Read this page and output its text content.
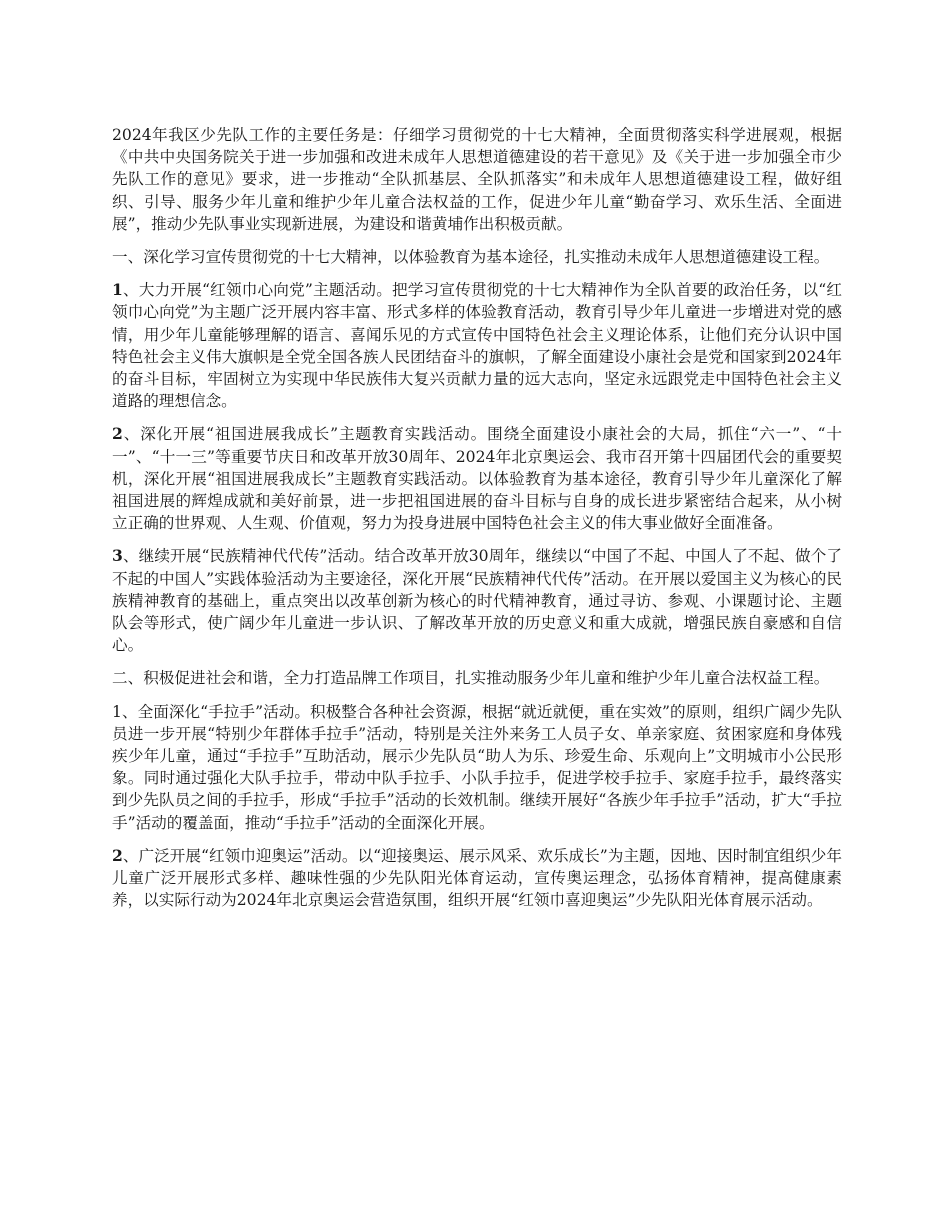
2024年我区少先队工作的主要任务是：仔细学习贯彻党的十七大精神，全面贯彻落实科学进展观，根据《中共中央国务院关于进一步加强和改进未成年人思想道德建设的若干意见》及《关于进一步加强全市少先队工作的意见》要求，进一步推动“全队抓基层、全队抓落实”和未成年人思想道德建设工程，做好组织、引导、服务少年儿童和维护少年儿童合法权益的工作，促进少年儿童“勤奋学习、欢乐生活、全面进展”，推动少先队事业实现新进展，为建设和谐黄埔作出积极贡献。

一、深化学习宣传贯彻党的十七大精神，以体验教育为基本途径，扎实推动未成年人思想道德建设工程。

1、大力开展“红领巾心向党”主题活动。把学习宣传贯彻党的十七大精神作为全队首要的政治任务，以“红领巾心向党”为主题广泛开展内容丰富、形式多样的体验教育活动，教育引导少年儿童进一步增进对党的感情，用少年儿童能够理解的语言、喜闻乐见的方式宣传中国特色社会主义理论体系，让他们充分认识中国特色社会主义伟大旗帜是全党全国各族人民团结奋斗的旗帜，了解全面建设小康社会是党和国家到2024年的奋斗目标，牢固树立为实现中华民族伟大复兴贡献力量的远大志向，坚定永远跟党走中国特色社会主义道路的理想信念。

2、深化开展“祖国进展我成长”主题教育实践活动。围绕全面建设小康社会的大局，抓住“六一”、“十一”、“十一三”等重要节庆日和改革开放30周年、2024年北京奥运会、我市召开第十四届团代会的重要契机，深化开展“祖国进展我成长”主题教育实践活动。以体验教育为基本途径，教育引导少年儿童深化了解祖国进展的辉煌成就和美好前景，进一步把祖国进展的奋斗目标与自身的成长进步紧密结合起来，从小树立正确的世界观、人生观、价值观，努力为投身进展中国特色社会主义的伟大事业做好全面准备。

3、继续开展“民族精神代代传”活动。结合改革开放30周年，继续以“中国了不起、中国人了不起、做个了不起的中国人”实践体验活动为主要途径，深化开展“民族精神代代传”活动。在开展以爱国主义为核心的民族精神教育的基础上，重点突出以改革创新为核心的时代精神教育，通过寻访、参观、小课题讨论、主题队会等形式，使广阔少年儿童进一步认识、了解改革开放的历史意义和重大成就，增强民族自豪感和自信心。

二、积极促进社会和谐，全力打造品牌工作项目，扎实推动服务少年儿童和维护少年儿童合法权益工程。

1、全面深化“手拉手”活动。积极整合各种社会资源，根据“就近就便，重在实效”的原则，组织广阔少先队员进一步开展“特别少年群体手拉手”活动，特别是关注外来务工人员子女、单亲家庭、贫困家庭和身体残疾少年儿童，通过“手拉手”互助活动，展示少先队员“助人为乐、珍爱生命、乐观向上”文明城市小公民形象。同时通过强化大队手拉手，带动中队手拉手、小队手拉手，促进学校手拉手、家庭手拉手，最终落实到少先队员之间的手拉手，形成“手拉手”活动的长效机制。继续开展好“各族少年手拉手”活动，扩大“手拉手”活动的覆盖面，推动“手拉手”活动的全面深化开展。

2、广泛开展“红领巾迎奥运”活动。以“迎接奥运、展示风采、欢乐成长”为主题，因地、因时制宜组织少年儿童广泛开展形式多样、趣味性强的少先队阳光体育运动，宣传奥运理念，弘扬体育精神，提高健康素养，以实际行动为2024年北京奥运会营造氛围，组织开展“红领巾喜迎奥运”少先队阳光体育展示活动。
